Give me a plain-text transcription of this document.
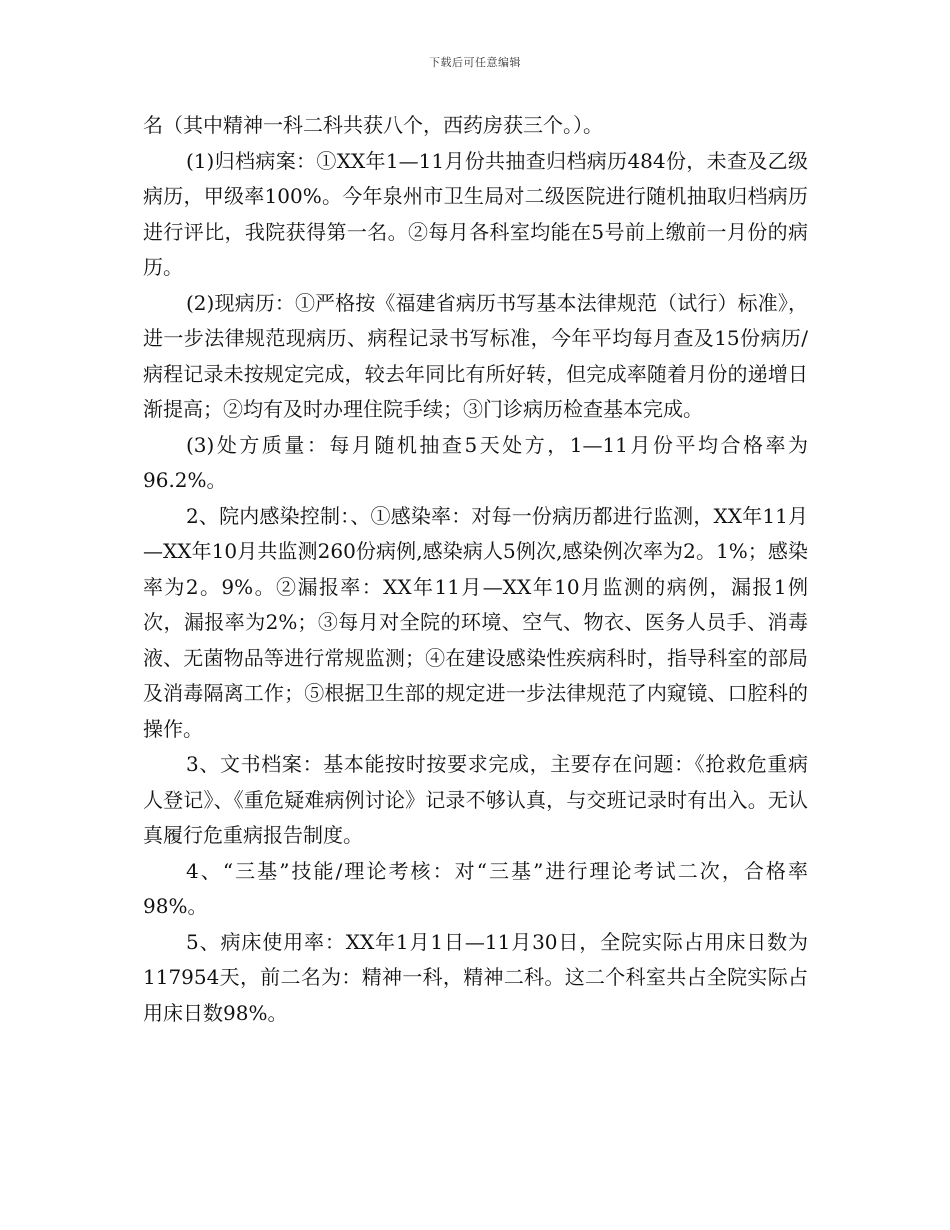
下载后可任意编辑

名（其中精神一科二科共获八个，西药房获三个。）。

(1)归档病案：①XX年1—11月份共抽查归档病历484份，未查及乙级病历，甲级率100%。今年泉州市卫生局对二级医院进行随机抽取归档病历进行评比，我院获得第一名。②每月各科室均能在5号前上缴前一月份的病历。

(2)现病历：①严格按《福建省病历书写基本法律规范（试行）标准》，进一步法律规范现病历、病程记录书写标准，今年平均每月查及15份病历/病程记录未按规定完成，较去年同比有所好转，但完成率随着月份的递增日渐提高；②均有及时办理住院手续；③门诊病历检查基本完成。

(3)处方质量：每月随机抽查5天处方，1—11月份平均合格率为96.2%。

2、院内感染控制：、①感染率：对每一份病历都进行监测，XX年11月—XX年10月共监测260份病例,感染病人5例次,感染例次率为2。1%；感染率为2。9%。②漏报率：XX年11月—XX年10月监测的病例，漏报1例次，漏报率为2%；③每月对全院的环境、空气、物衣、医务人员手、消毒液、无菌物品等进行常规监测；④在建设感染性疾病科时，指导科室的部局及消毒隔离工作；⑤根据卫生部的规定进一步法律规范了内窥镜、口腔科的操作。

3、文书档案：基本能按时按要求完成，主要存在问题：《抢救危重病人登记》、《重危疑难病例讨论》记录不够认真，与交班记录时有出入。无认真履行危重病报告制度。

4、“三基”技能/理论考核：对“三基”进行理论考试二次，合格率98%。

5、病床使用率：XX年1月1日—11月30日，全院实际占用床日数为117954天，前二名为：精神一科，精神二科。这二个科室共占全院实际占用床日数98%。
